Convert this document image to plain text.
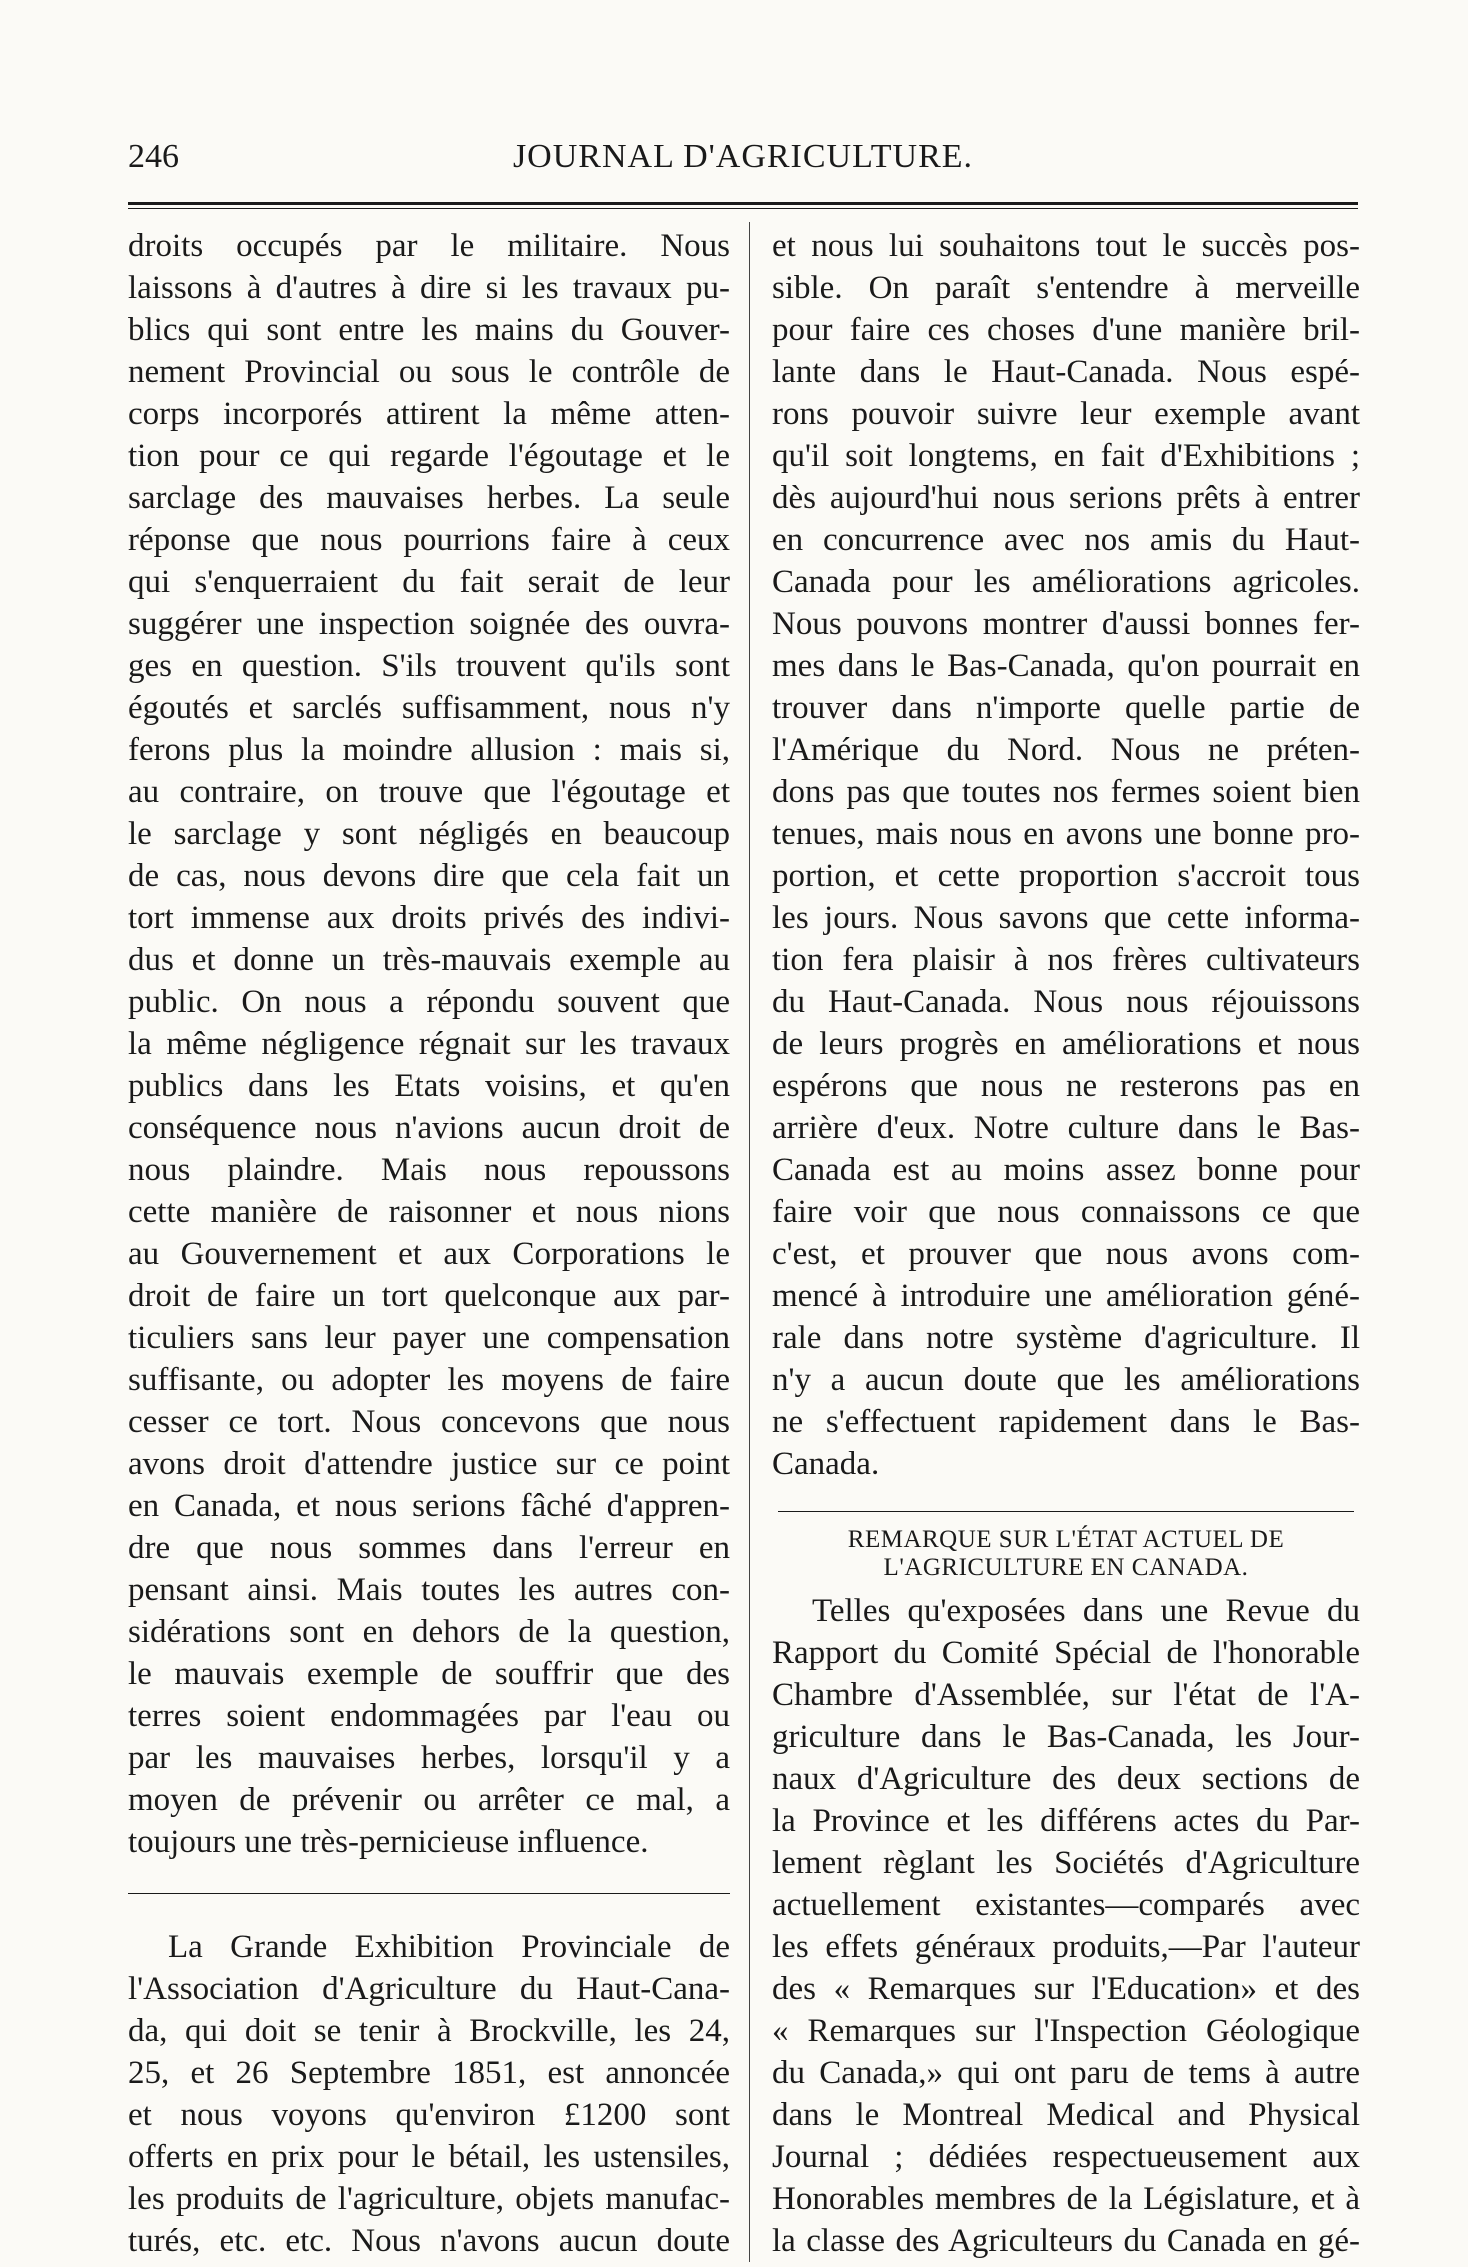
246	JOURNAL D'AGRICULTURE.
droits occupés par le militaire. Nous
laissons à d'autres à dire si les travaux pu-
blics qui sont entre les mains du Gouver-
nement Provincial ou sous le contrôle de
corps incorporés attirent la même atten-
tion pour ce qui regarde l'égoutage et le
sarclage des mauvaises herbes. La seule
réponse que nous pourrions faire à ceux
qui s'enquerraient du fait serait de leur
suggérer une inspection soignée des ouvra-
ges en question. S'ils trouvent qu'ils sont
égoutés et sarclés suffisamment, nous n'y
ferons plus la moindre allusion : mais si,
au contraire, on trouve que l'égoutage et
le sarclage y sont négligés en beaucoup
de cas, nous devons dire que cela fait un
tort immense aux droits privés des indivi-
dus et donne un très-mauvais exemple au
public. On nous a répondu souvent que
la même négligence régnait sur les travaux
publics dans les Etats voisins, et qu'en
conséquence nous n'avions aucun droit de
nous plaindre. Mais nous repoussons
cette manière de raisonner et nous nions
au Gouvernement et aux Corporations le
droit de faire un tort quelconque aux par-
ticuliers sans leur payer une compensation
suffisante, ou adopter les moyens de faire
cesser ce tort. Nous concevons que nous
avons droit d'attendre justice sur ce point
en Canada, et nous serions fâché d'appren-
dre que nous sommes dans l'erreur en
pensant ainsi. Mais toutes les autres con-
sidérations sont en dehors de la question,
le mauvais exemple de souffrir que des
terres soient endommagées par l'eau ou
par les mauvaises herbes, lorsqu'il y a
moyen de prévenir ou arrêter ce mal, a
toujours une très-pernicieuse influence.
La Grande Exhibition Provinciale de
l'Association d'Agriculture du Haut-Cana-
da, qui doit se tenir à Brockville, les 24,
25, et 26 Septembre 1851, est annoncée
et nous voyons qu'environ £1200 sont
offerts en prix pour le bétail, les ustensiles,
les produits de l'agriculture, objets manufac-
turés, etc. etc. Nous n'avons aucun doute
et nous lui souhaitons tout le succès pos-
sible. On paraît s'entendre à merveille
pour faire ces choses d'une manière bril-
lante dans le Haut-Canada. Nous espé-
rons pouvoir suivre leur exemple avant
qu'il soit longtems, en fait d'Exhibitions ;
dès aujourd'hui nous serions prêts à entrer
en concurrence avec nos amis du Haut-
Canada pour les améliorations agricoles.
Nous pouvons montrer d'aussi bonnes fer-
mes dans le Bas-Canada, qu'on pourrait en
trouver dans n'importe quelle partie de
l'Amérique du Nord. Nous ne préten-
dons pas que toutes nos fermes soient bien
tenues, mais nous en avons une bonne pro-
portion, et cette proportion s'accroit tous
les jours. Nous savons que cette informa-
tion fera plaisir à nos frères cultivateurs
du Haut-Canada. Nous nous réjouissons
de leurs progrès en améliorations et nous
espérons que nous ne resterons pas en
arrière d'eux. Notre culture dans le Bas-
Canada est au moins assez bonne pour
faire voir que nous connaissons ce que
c'est, et prouver que nous avons com-
mencé à introduire une amélioration géné-
rale dans notre système d'agriculture. Il
n'y a aucun doute que les améliorations
ne s'effectuent rapidement dans le Bas-
Canada.
REMARQUE SUR L'ÉTAT ACTUEL DE
L'AGRICULTURE EN CANADA.
Telles qu'exposées dans une Revue du
Rapport du Comité Spécial de l'honorable
Chambre d'Assemblée, sur l'état de l'A-
griculture dans le Bas-Canada, les Jour-
naux d'Agriculture des deux sections de
la Province et les différens actes du Par-
lement règlant les Sociétés d'Agriculture
actuellement existantes—comparés avec
les effets généraux produits,—Par l'auteur
des « Remarques sur l'Education» et des
« Remarques sur l'Inspection Géologique
du Canada,» qui ont paru de tems à autre
dans le Montreal Medical and Physical
Journal ; dédiées respectueusement aux
Honorables membres de la Législature, et à
la classe des Agriculteurs du Canada en gé-
